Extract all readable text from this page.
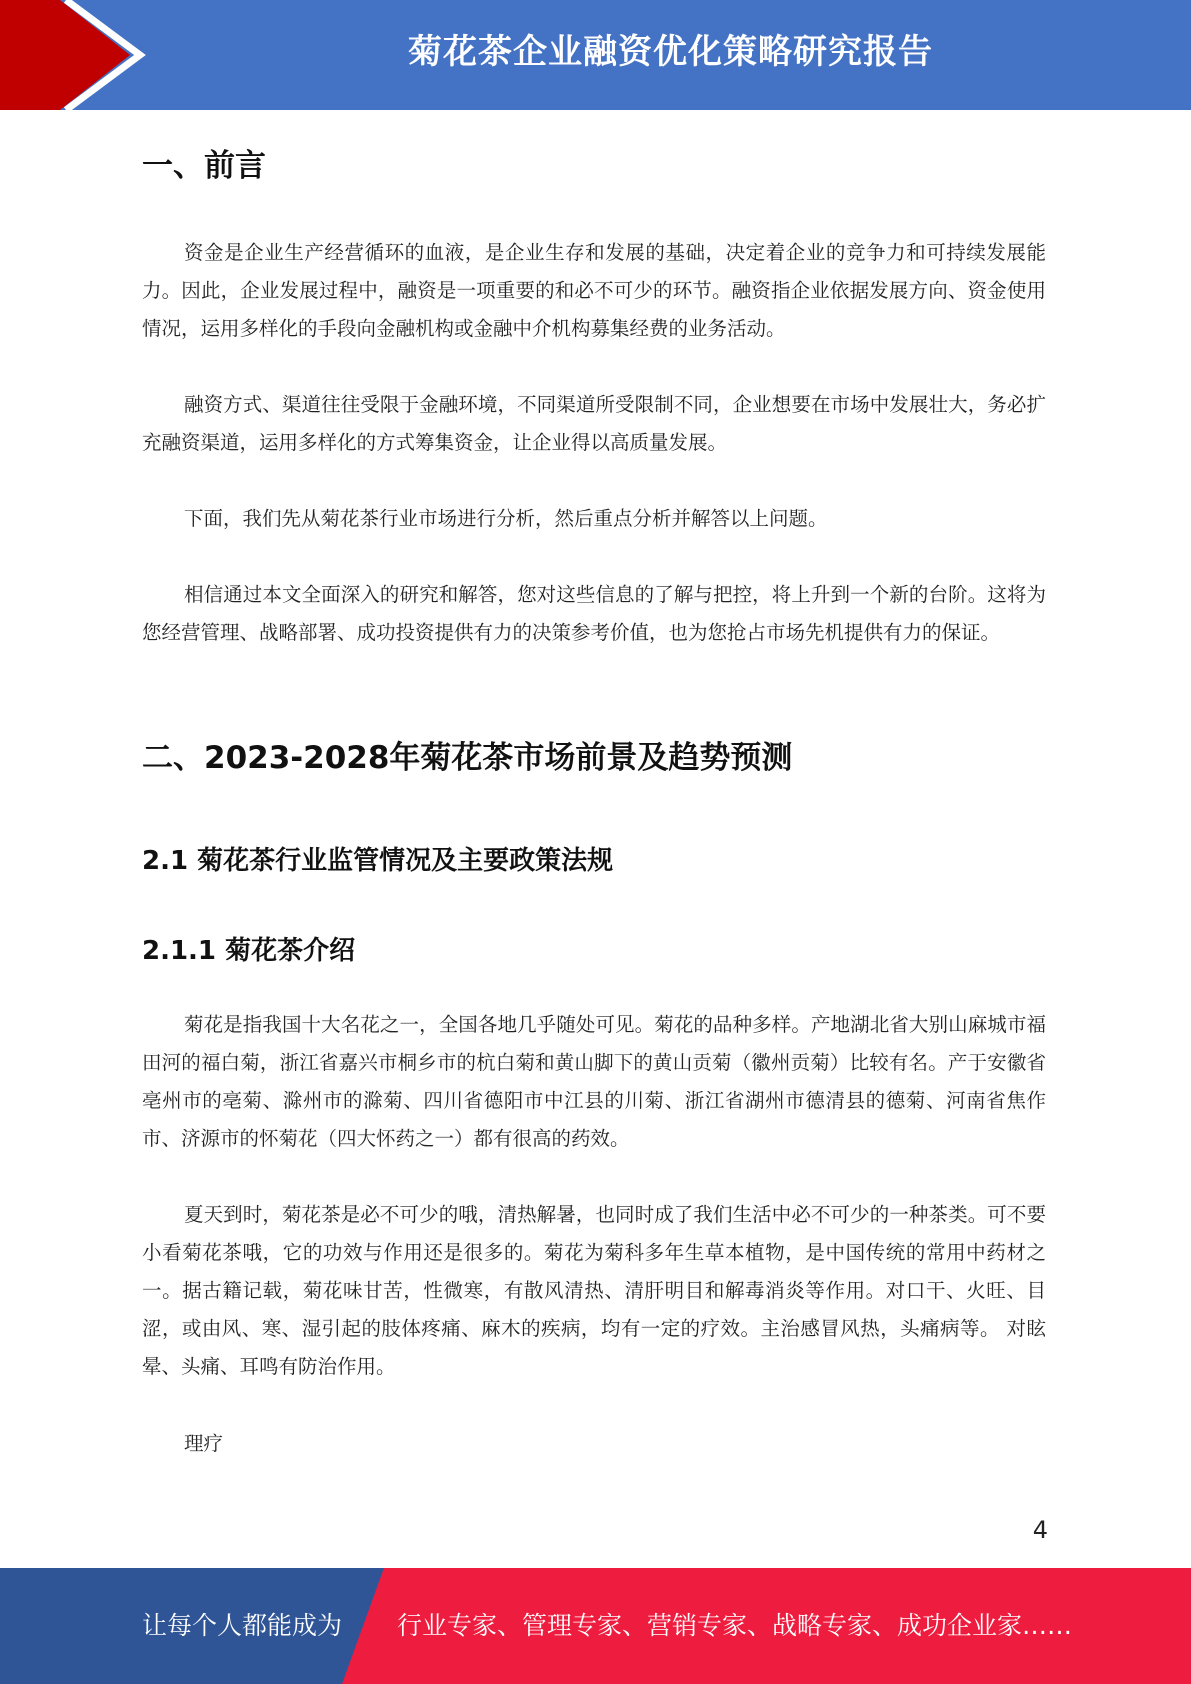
菊花茶企业融资优化策略研究报告
一、前言
资金是企业生产经营循环的血液，是企业生存和发展的基础，决定着企业的竞争力和可持续发展能力。因此，企业发展过程中，融资是一项重要的和必不可少的环节。融资指企业依据发展方向、资金使用情况，运用多样化的手段向金融机构或金融中介机构募集经费的业务活动。
融资方式、渠道往往受限于金融环境，不同渠道所受限制不同，企业想要在市场中发展壮大，务必扩充融资渠道，运用多样化的方式筹集资金，让企业得以高质量发展。
下面，我们先从菊花茶行业市场进行分析，然后重点分析并解答以上问题。
相信通过本文全面深入的研究和解答，您对这些信息的了解与把控，将上升到一个新的台阶。这将为您经营管理、战略部署、成功投资提供有力的决策参考价值，也为您抢占市场先机提供有力的保证。
二、2023-2028年菊花茶市场前景及趋势预测
2.1 菊花茶行业监管情况及主要政策法规
2.1.1 菊花茶介绍
菊花是指我国十大名花之一，全国各地几乎随处可见。菊花的品种多样。产地湖北省大别山麻城市福田河的福白菊，浙江省嘉兴市桐乡市的杭白菊和黄山脚下的黄山贡菊（徽州贡菊）比较有名。产于安徽省亳州市的亳菊、滁州市的滁菊、四川省德阳市中江县的川菊、浙江省湖州市德清县的德菊、河南省焦作市、济源市的怀菊花（四大怀药之一）都有很高的药效。
夏天到时，菊花茶是必不可少的哦，清热解暑，也同时成了我们生活中必不可少的一种茶类。可不要小看菊花茶哦，它的功效与作用还是很多的。菊花为菊科多年生草本植物，是中国传统的常用中药材之一。据古籍记载，菊花味甘苦，性微寒，有散风清热、清肝明目和解毒消炎等作用。对口干、火旺、目涩，或由风、寒、湿引起的肢体疼痛、麻木的疾病，均有一定的疗效。主治感冒风热，头痛病等。 对眩晕、头痛、耳鸣有防治作用。
理疗
4
让每个人都能成为 行业专家、管理专家、营销专家、战略专家、成功企业家……
